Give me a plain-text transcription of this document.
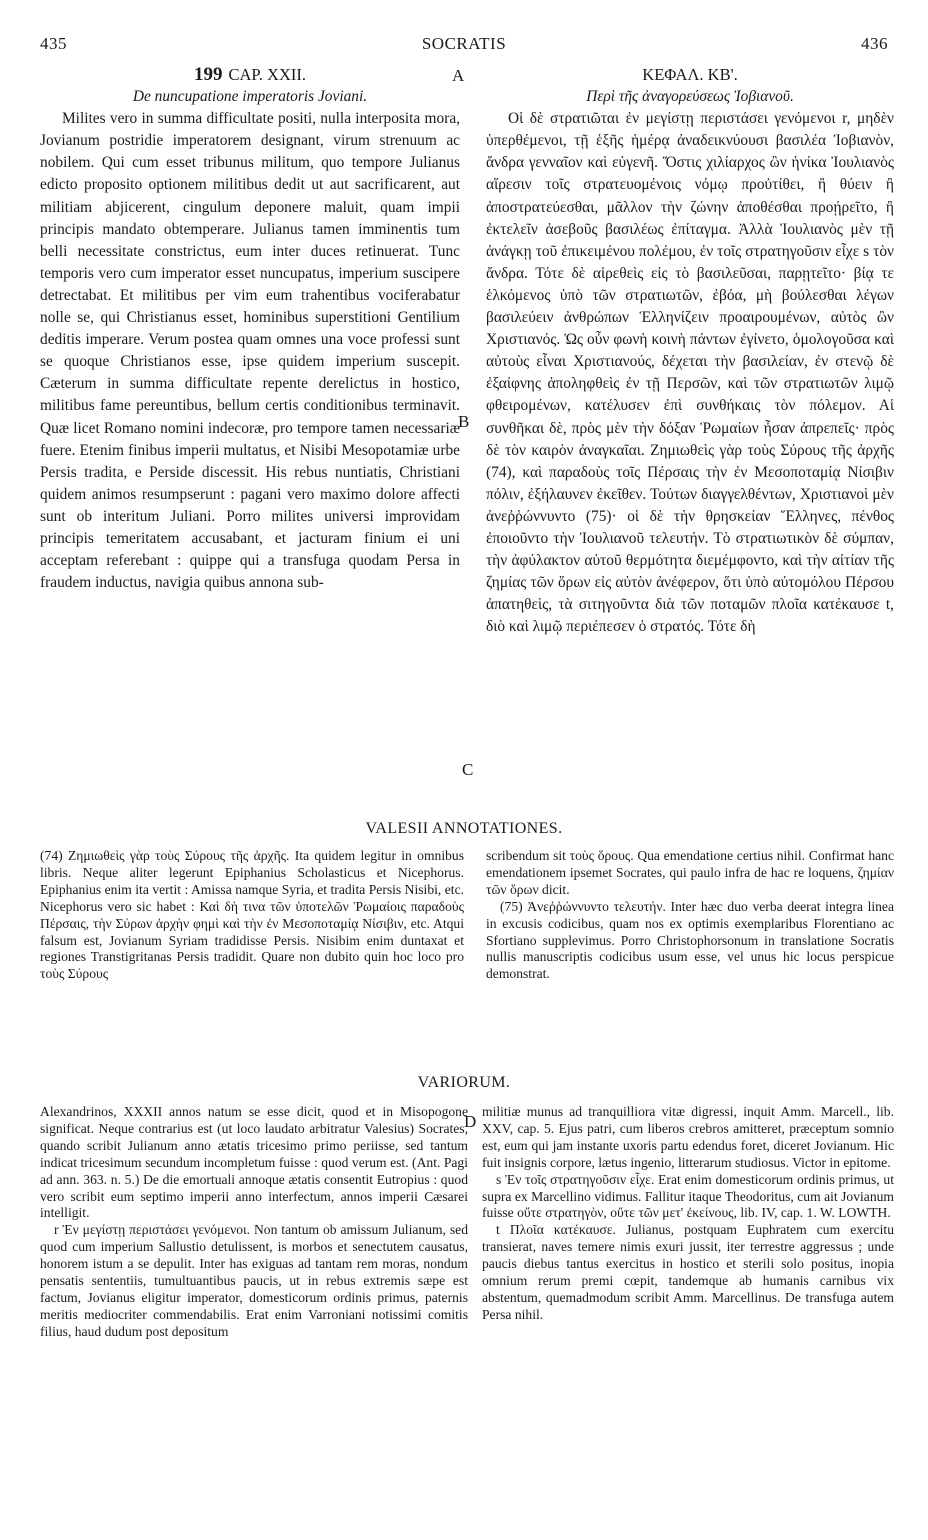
435	SOCRATIS	436

199 CAP. XXII.

De nuncupatione imperatoris Joviani.

Milites vero in summa difficultate positi, nulla interposita mora, Jovianum postridie imperatorem designant, virum strenuum ac nobilem. Qui cum esset tribunus militum, quo tempore Julianus edicto proposito optionem militibus dedit ut aut sacrificarent, aut militiam abjicerent, cingulum deponere maluit, quam impii principis mandato obtemperare. Julianus tamen imminentis tum belli necessitate constrictus, eum inter duces retinuerat. Tunc temporis vero cum imperator esset nuncupatus, imperium suscipere detrectabat. Et militibus per vim eum trahentibus vociferabatur nolle se, qui Christianus esset, hominibus superstitioni Gentilium deditis imperare. Verum postea quam omnes una voce professi sunt se quoque Christianos esse, ipse quidem imperium suscepit. Cæterum in summa difficultate repente derelictus in hostico, militibus fame pereuntibus, bellum certis conditionibus terminavit. Quæ licet Romano nomini indecoræ, pro tempore tamen necessariæ fuere. Etenim finibus imperii multatus, et Nisibi Mesopotamiæ urbe Persis tradita, e Perside discessit. His rebus nuntiatis, Christiani quidem animos resumpserunt : pagani vero maximo dolore affecti sunt ob interitum Juliani. Porro milites universi improvidam principis temeritatem accusabant, et jacturam finium ei uni acceptam referebant : quippe qui a transfuga quodam Persa in fraudem inductus, navigia quibus annona sub-

ΚΕΦΑΛ. ΚΒ'.

Περὶ τῆς ἀναγορεύσεως Ἰοβιανοῦ.

Οἱ δὲ στρατιῶται ἐν μεγίστῃ περιστάσει γενόμενοι r, μηδὲν ὑπερθέμενοι, τῇ ἑξῆς ἡμέρᾳ ἀναδεικνύουσι βασιλέα Ἰοβιανὸν, ἄνδρα γενναῖον καὶ εὐγενῆ. Ὅστις χιλίαρχος ὢν ἡνίκα Ἰουλιανὸς αἵρεσιν τοῖς στρατευομένοις νόμῳ προὐτίθει, ἢ θύειν ἢ ἀποστρατεύεσθαι, μᾶλλον τὴν ζώνην ἀποθέσθαι προῄρεῖτο, ἢ ἐκτελεῖν ἀσεβοῦς βασιλέως ἐπίταγμα. Ἀλλὰ Ἰουλιανὸς μὲν τῇ ἀνάγκῃ τοῦ ἐπικειμένου πολέμου, ἐν τοῖς στρατηγοῦσιν εἶχε s τὸν ἄνδρα. Τότε δὲ αἱρεθεὶς εἰς τὸ βασιλεῦσαι, παρῃτεῖτο· βίᾳ τε ἑλκόμενος ὑπὸ τῶν στρατιωτῶν, ἐβόα, μὴ βούλεσθαι λέγων βασιλεύειν ἀνθρώπων Ἑλληνίζειν προαιρουμένων, αὐτὸς ὢν Χριστιανός. Ὡς οὖν φωνὴ κοινὴ πάντων ἐγίνετο, ὁμολογοῦσα καὶ αὐτοὺς εἶναι Χριστιανούς, δέχεται τὴν βασιλείαν, ἐν στενῷ δὲ ἐξαίφνης ἀποληφθεὶς ἐν τῇ Περσῶν, καὶ τῶν στρατιωτῶν λιμῷ φθειρομένων, κατέλυσεν ἐπὶ συνθήκαις τὸν πόλεμον. Αἱ συνθῆκαι δὲ, πρὸς μὲν τὴν δόξαν Ῥωμαίων ἦσαν ἀπρεπεῖς· πρὸς δὲ τὸν καιρὸν ἀναγκαῖαι. Ζημιωθεὶς γὰρ τοὺς Σύρους τῆς ἀρχῆς (74), καὶ παραδοὺς τοῖς Πέρσαις τὴν ἐν Μεσοποταμίᾳ Νίσιβιν πόλιν, ἐξήλαυνεν ἐκεῖθεν. Τούτων διαγγελθέντων, Χριστιανοὶ μὲν ἀνεῤῥώννυντο (75)· οἱ δὲ τὴν θρησκείαν Ἕλληνες, πένθος ἐποιοῦντο τὴν Ἰουλιανοῦ τελευτήν. Τὸ στρατιωτικὸν δὲ σύμπαν, τὴν ἀφύλακτον αὐτοῦ θερμότητα διεμέμφοντο, καὶ τὴν αἰτίαν τῆς ζημίας τῶν ὅρων εἰς αὐτὸν ἀνέφερον, ὅτι ὑπὸ αὐτομόλου Πέρσου ἀπατηθεὶς, τὰ σιτηγοῦντα διὰ τῶν ποταμῶν πλοῖα κατέκαυσε t, διὸ καὶ λιμῷ περιέπεσεν ὁ στρατός. Τότε δὴ

A
B
C
D
VALESII ANNOTATIONES.

(74) Ζημιωθεὶς γὰρ τοὺς Σύρους τῆς ἀρχῆς. Ita quidem legitur in omnibus libris. Neque aliter legerunt Epiphanius Scholasticus et Nicephorus. Epiphanius enim ita vertit : Amissa namque Syria, et tradita Persis Nisibi, etc. Nicephorus vero sic habet : Καὶ δὴ τινα τῶν ὑποτελῶν Ῥωμαίοις παραδοὺς Πέρσαις, τὴν Σύρων ἀρχὴν φημὶ καὶ τὴν ἐν Μεσοποταμίᾳ Νίσιβιν, etc. Atqui falsum est, Jovianum Syriam tradidisse Persis. Nisibim enim duntaxat et regiones Transtigritanas Persis tradidit. Quare non dubito quin hoc loco pro τοὺς Σύρους

scribendum sit τοὺς ὅρους. Qua emendatione certius nihil. Confirmat hanc emendationem ipsemet Socrates, qui paulo infra de hac re loquens, ζημίαν τῶν ὅρων dicit.

(75) Ἀνεῤῥώννυντο τελευτήν. Inter hæc duo verba deerat integra linea in excusis codicibus, quam nos ex optimis exemplaribus Florentiano ac Sfortiano supplevimus. Porro Christophorsonum in translatione Socratis nullis manuscriptis codicibus usum esse, vel unus hic locus perspicue demonstrat.

VARIORUM.

Alexandrinos, XXXII annos natum se esse dicit, quod et in Misopogone significat. Neque contrarius est (ut loco laudato arbitratur Valesius) Socrates, quando scribit Julianum anno ætatis tricesimo primo periisse, sed tantum indicat tricesimum secundum incompletum fuisse : quod verum est. (Ant. Pagi ad ann. 363. n. 5.) De die emortuali annoque ætatis consentit Eutropius : quod vero scribit eum septimo imperii anno interfectum, annos imperii Cæsarei intelligit.

r Ἐν μεγίστῃ περιστάσει γενόμενοι. Non tantum ob amissum Julianum, sed quod cum imperium Sallustio detulissent, is morbos et senectutem causatus, honorem istum a se depulit. Inter has exiguas ad tantam rem moras, nondum pensatis sententiis, tumultuantibus paucis, ut in rebus extremis sæpe est factum, Jovianus eligitur imperator, domesticorum ordinis primus, paternis meritis mediocriter commendabilis. Erat enim Varroniani notissimi comitis filius, haud dudum post depositum

militiæ munus ad tranquilliora vitæ digressi, inquit Amm. Marcell., lib. XXV, cap. 5. Ejus patri, cum liberos crebros amitteret, præceptum somnio est, eum qui jam instante uxoris partu edendus foret, diceret Jovianum. Hic fuit insignis corpore, lætus ingenio, litterarum studiosus. Victor in epitome.

s Ἐν τοῖς στρατηγοῦσιν εἶχε. Erat enim domesticorum ordinis primus, ut supra ex Marcellino vidimus. Fallitur itaque Theodoritus, cum ait Jovianum fuisse οὔτε στρατηγὸν, οὔτε τῶν μετ' ἐκείνους, lib. IV, cap. 1. W. LOWTH.

t Πλοῖα κατέκαυσε. Julianus, postquam Euphratem cum exercitu transierat, naves temere nimis exuri jussit, iter terrestre aggressus ; unde paucis diebus tantus exercitus in hostico et sterili solo positus, inopia omnium rerum premi cœpit, tandemque ab humanis carnibus vix abstentum, quemadmodum scribit Amm. Marcellinus. De transfuga autem Persa nihil.
